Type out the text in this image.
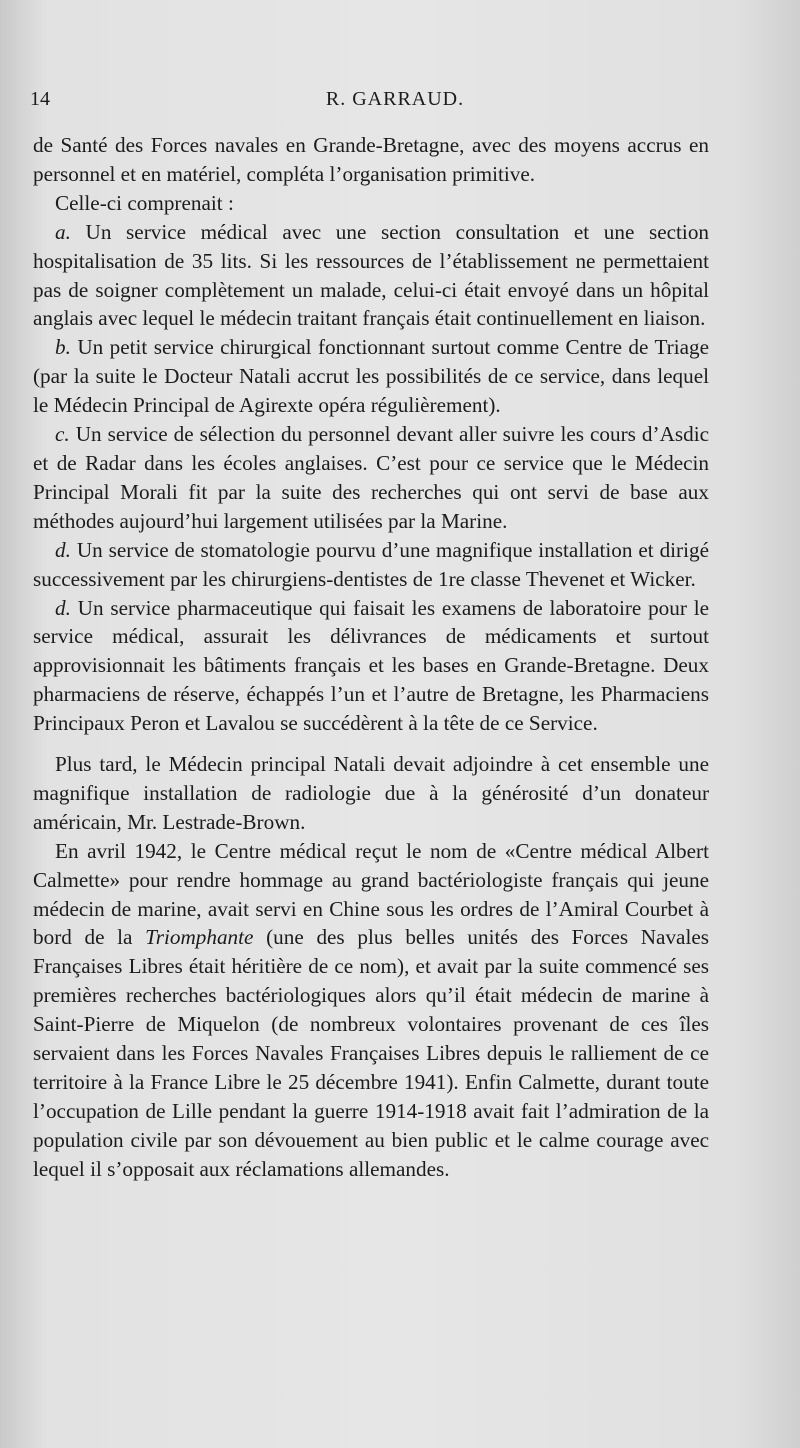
14	R. GARRAUD.

de Santé des Forces navales en Grande-Bretagne, avec des moyens accrus en personnel et en matériel, compléta l’organisation primitive.

Celle-ci comprenait :

a. Un service médical avec une section consultation et une section hospitalisation de 35 lits. Si les ressources de l’établissement ne permettaient pas de soigner complètement un malade, celui-ci était envoyé dans un hôpital anglais avec lequel le médecin traitant français était continuellement en liaison.

b. Un petit service chirurgical fonctionnant surtout comme Centre de Triage (par la suite le Docteur Natali accrut les possibilités de ce service, dans lequel le Médecin Principal de Agirexte opéra régulièrement).

c. Un service de sélection du personnel devant aller suivre les cours d’Asdic et de Radar dans les écoles anglaises. C’est pour ce service que le Médecin Principal Morali fit par la suite des recherches qui ont servi de base aux méthodes aujourd’hui largement utilisées par la Marine.

d. Un service de stomatologie pourvu d’une magnifique installation et dirigé successivement par les chirurgiens-dentistes de 1re classe Thevenet et Wicker.

d. Un service pharmaceutique qui faisait les examens de laboratoire pour le service médical, assurait les délivrances de médicaments et surtout approvisionnait les bâtiments français et les bases en Grande-Bretagne. Deux pharmaciens de réserve, échappés l’un et l’autre de Bretagne, les Pharmaciens Principaux Peron et Lavalou se succédèrent à la tête de ce Service.

Plus tard, le Médecin principal Natali devait adjoindre à cet ensemble une magnifique installation de radiologie due à la générosité d’un donateur américain, Mr. Lestrade-Brown.

En avril 1942, le Centre médical reçut le nom de «Centre médical Albert Calmette» pour rendre hommage au grand bactériologiste français qui jeune médecin de marine, avait servi en Chine sous les ordres de l’Amiral Courbet à bord de la Triomphante (une des plus belles unités des Forces Navales Françaises Libres était héritière de ce nom), et avait par la suite commencé ses premières recherches bactériologiques alors qu’il était médecin de marine à Saint-Pierre de Miquelon (de nombreux volontaires provenant de ces îles servaient dans les Forces Navales Françaises Libres depuis le ralliement de ce territoire à la France Libre le 25 décembre 1941). Enfin Calmette, durant toute l’occupation de Lille pendant la guerre 1914-1918 avait fait l’admiration de la population civile par son dévouement au bien public et le calme courage avec lequel il s’opposait aux réclamations allemandes.
